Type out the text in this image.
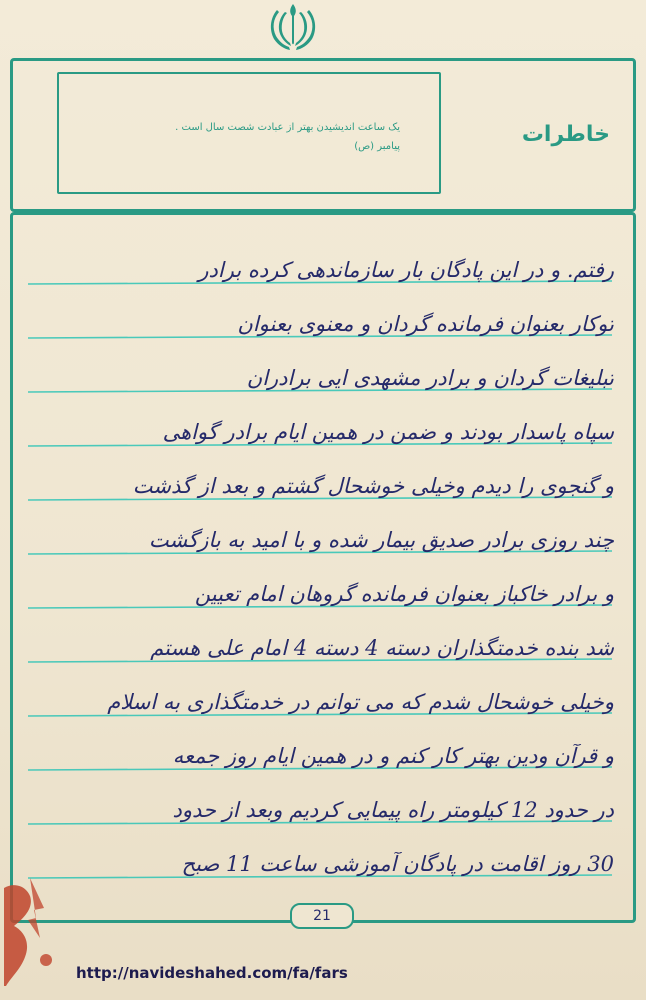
یک ساعت اندیشیدن بهتر از عبادت شصت سال است .
پیامبر (ص)	خاطرات
رفتم. و در این پادگان بار سازماندهی کرده برادر
توکار بعنوان فرمانده گردان و معنوی بعنوان
تبلیغات گردان و برادر مشهدی ایی برادران
سپاه پاسدار بودند و ضمن در همین ایام برادر گواهی
و گنجوی را دیدم وخیلی خوشحال گشتم و بعد از گذشت
چند روزی برادر صدیق بیمار شده و با امید به بازگشت
و برادر خاکباز بعنوان فرمانده گروهان امام تعیین
شد بنده خدمتگذاران دسته 4 دسته 4 امام علی هستم
وخیلی خوشحال شدم که می توانم در خدمتگذاری به اسلام
و قرآن ودین بهتر کار کنم و در همین ایام روز جمعه
در حدود 12 کیلومتر راه پیمایی کردیم وبعد از حدود
30 روز اقامت در پادگان آموزشی ساعت 11 صبح
21
http://navideshahed.com/fa/fars
